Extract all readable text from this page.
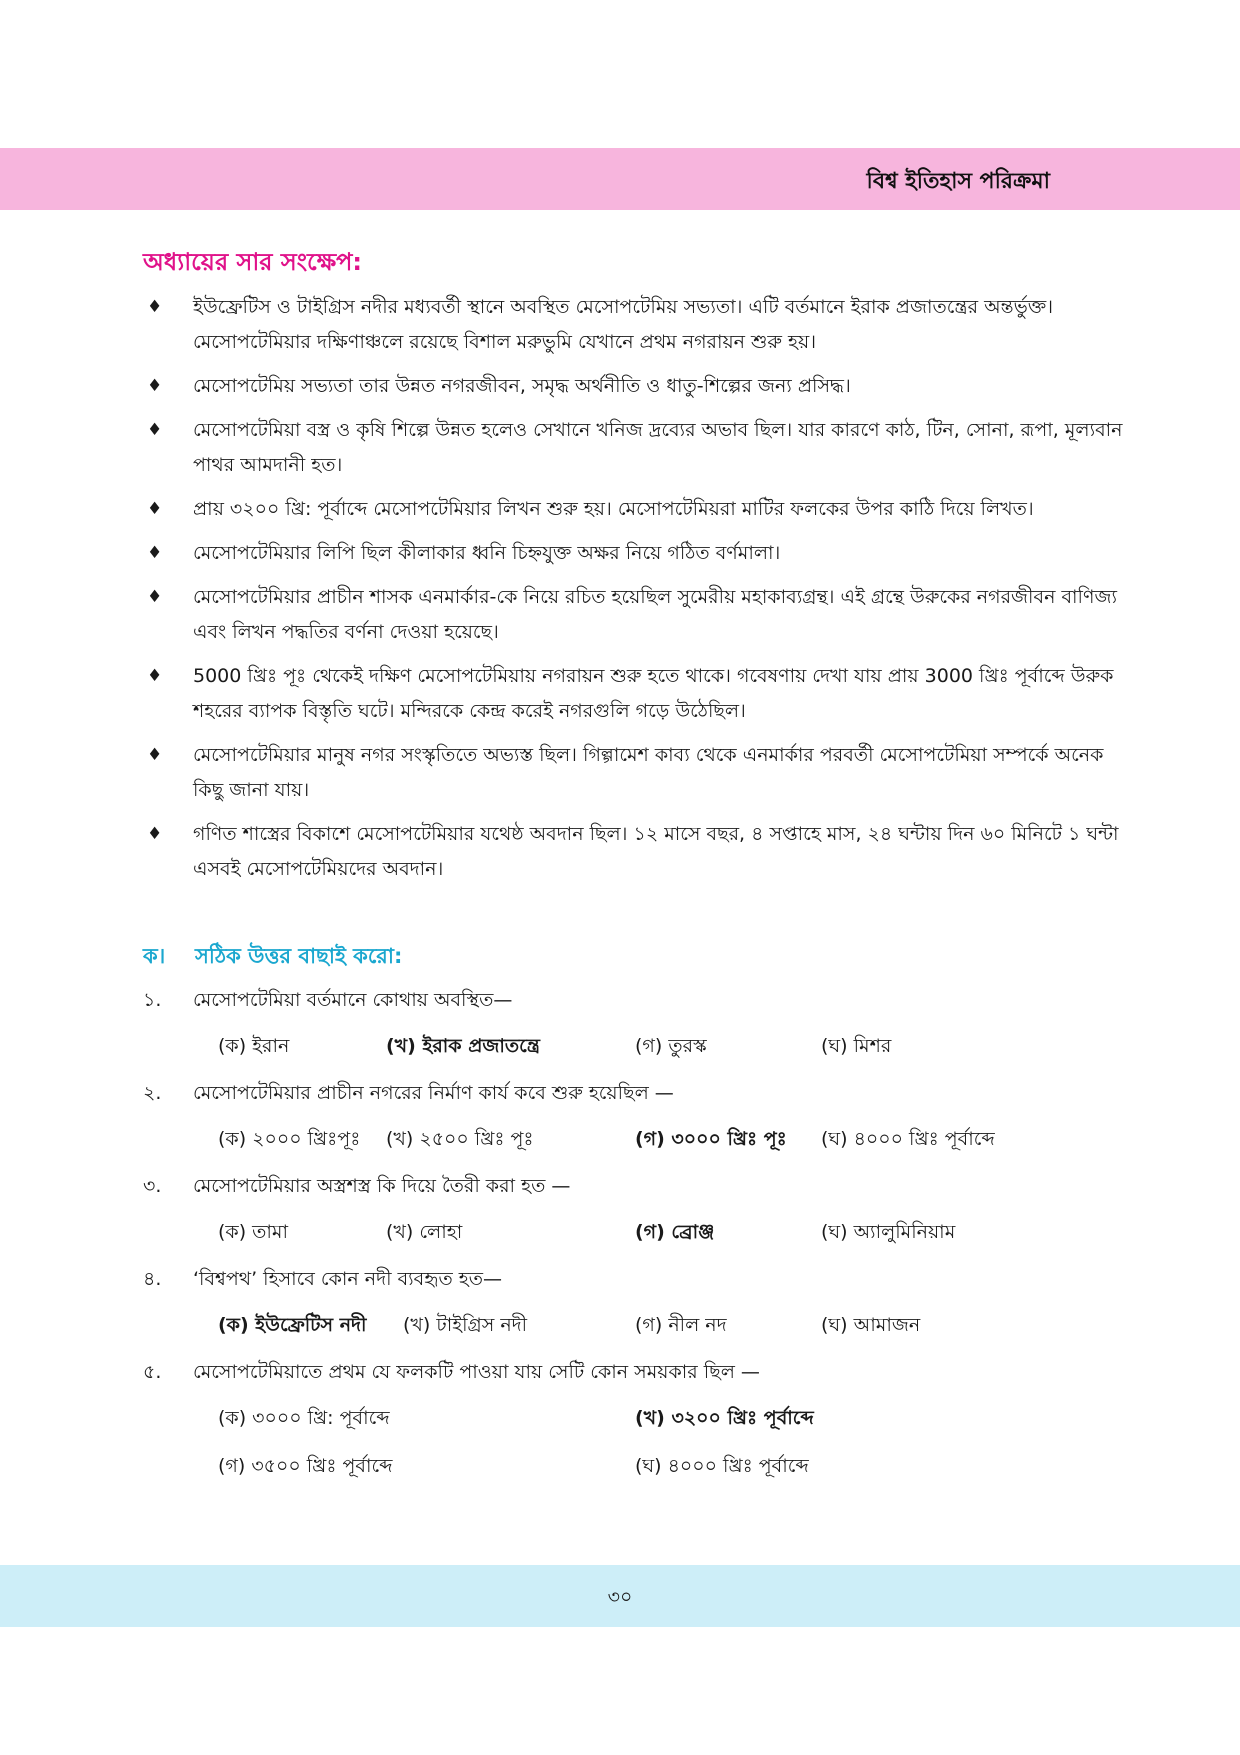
বিশ্ব ইতিহাস পরিক্রমা
অধ্যায়ের সার সংক্ষেপ:
♦ ইউফ্রেটিস ও টাইগ্রিস নদীর মধ্যবর্তী স্থানে অবস্থিত মেসোপটেমিয় সভ্যতা। এটি বর্তমানে ইরাক প্রজাতন্ত্রের অন্তর্ভুক্ত। মেসোপটেমিয়ার দক্ষিণাঞ্চলে রয়েছে বিশাল মরুভুমি যেখানে প্রথম নগরায়ন শুরু হয়।
♦ মেসোপটেমিয় সভ্যতা তার উন্নত নগরজীবন, সমৃদ্ধ অর্থনীতি ও ধাতু-শিল্পের জন্য প্রসিদ্ধ।
♦ মেসোপটেমিয়া বস্ত্র ও কৃষি শিল্পে উন্নত হলেও সেখানে খনিজ দ্রব্যের অভাব ছিল। যার কারণে কাঠ, টিন, সোনা, রূপা, মূল্যবান পাথর আমদানী হত।
♦ প্রায় ৩২০০ খ্রি: পূর্বাব্দে মেসোপটেমিয়ার লিখন শুরু হয়। মেসোপটেমিয়রা মাটির ফলকের উপর কাঠি দিয়ে লিখত।
♦ মেসোপটেমিয়ার লিপি ছিল কীলাকার ধ্বনি চিহ্নযুক্ত অক্ষর নিয়ে গঠিত বর্ণমালা।
♦ মেসোপটেমিয়ার প্রাচীন শাসক এনমার্কার-কে নিয়ে রচিত হয়েছিল সুমেরীয় মহাকাব্যগ্রন্থ। এই গ্রন্থে উরুকের নগরজীবন বাণিজ্য এবং লিখন পদ্ধতির বর্ণনা দেওয়া হয়েছে।
♦ 5000 খ্রিঃ পূঃ থেকেই দক্ষিণ মেসোপটেমিয়ায় নগরায়ন শুরু হতে থাকে। গবেষণায় দেখা যায় প্রায় 3000 খ্রিঃ পূর্বাব্দে উরুক শহরের ব্যাপক বিস্তৃতি ঘটে। মন্দিরকে কেন্দ্র করেই নগরগুলি গড়ে উঠেছিল।
♦ মেসোপটেমিয়ার মানুষ নগর সংস্কৃতিতে অভ্যস্ত ছিল। গিল্গামেশ কাব্য থেকে এনমার্কার পরবর্তী মেসোপটেমিয়া সম্পর্কে অনেক কিছু জানা যায়।
♦ গণিত শাস্ত্রের বিকাশে মেসোপটেমিয়ার যথেষ্ঠ অবদান ছিল। ১২ মাসে বছর, ৪ সপ্তাহে মাস, ২৪ ঘন্টায় দিন ৬০ মিনিটে ১ ঘন্টা এসবই মেসোপটেমিয়দের অবদান।
ক। সঠিক উত্তর বাছাই করো:
১. মেসোপটেমিয়া বর্তমানে কোথায় অবস্থিত—
(ক) ইরান	(খ) ইরাক প্রজাতন্ত্রে	(গ) তুরস্ক	(ঘ) মিশর
২. মেসোপটেমিয়ার প্রাচীন নগরের নির্মাণ কার্য কবে শুরু হয়েছিল —
(ক) ২০০০ খ্রিঃপূঃ (খ) ২৫০০ খ্রিঃ পূঃ	(গ) ৩০০০ খ্রিঃ পূঃ (ঘ) ৪০০০ খ্রিঃ পূর্বাব্দে
৩. মেসোপটেমিয়ার অস্ত্রশস্ত্র কি দিয়ে তৈরী করা হত —
(ক) তামা	(খ) লোহা	(গ) ব্রোঞ্জ	(ঘ) অ্যালুমিনিয়াম
৪. ‘বিশ্বপথ’ হিসাবে কোন নদী ব্যবহৃত হত—
(ক) ইউফ্রেটিস নদী (খ) টাইগ্রিস নদী	(গ) নীল নদ	(ঘ) আমাজন
৫. মেসোপটেমিয়াতে প্রথম যে ফলকটি পাওয়া যায় সেটি কোন সময়কার ছিল —
(ক) ৩০০০ খ্রি: পূর্বাব্দে	(খ) ৩২০০ খ্রিঃ পূর্বাব্দে
(গ) ৩৫০০ খ্রিঃ পূর্বাব্দে	(ঘ) ৪০০০ খ্রিঃ পূর্বাব্দে
৩০
